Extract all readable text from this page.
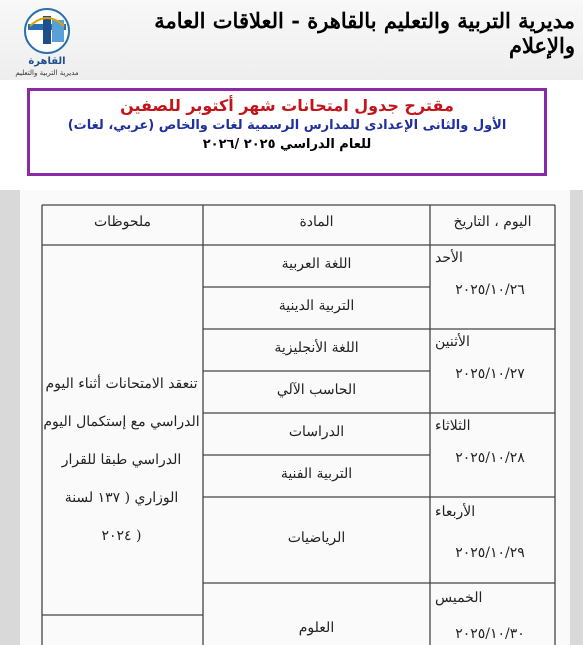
القاهرة
مديرية التربية والتعليم
مديرية التربية والتعليم بالقاهرة - العلاقات العامة والإعلام
مقترح جدول امتحانات شهر أكتوبر للصفين
الأول والثانى الإعدادى للمدارس الرسمية لغات والخاص (عربي، لغات)
للعام الدراسي ٢٠٢٥ /٢٠٢٦
اليوم ، التاريخ
المادة
ملحوظات
الأحد
٢٠٢٥/١٠/٢٦
اللغة العربية
التربية الدينية
الأثنين
٢٠٢٥/١٠/٢٧
اللغة الأنجليزية
الحاسب الآلي
الثلاثاء
٢٠٢٥/١٠/٢٨
الدراسات
التربية الفنية
الأربعاء
٢٠٢٥/١٠/٢٩
الرياضيات
الخميس
٢٠٢٥/١٠/٣٠
العلوم
تنعقد الامتحانات أثناء اليوم
الدراسي مع إستكمال اليوم
الدراسي طبقا للقرار
الوزاري ( ١٣٧ لسنة
( ٢٠٢٤
